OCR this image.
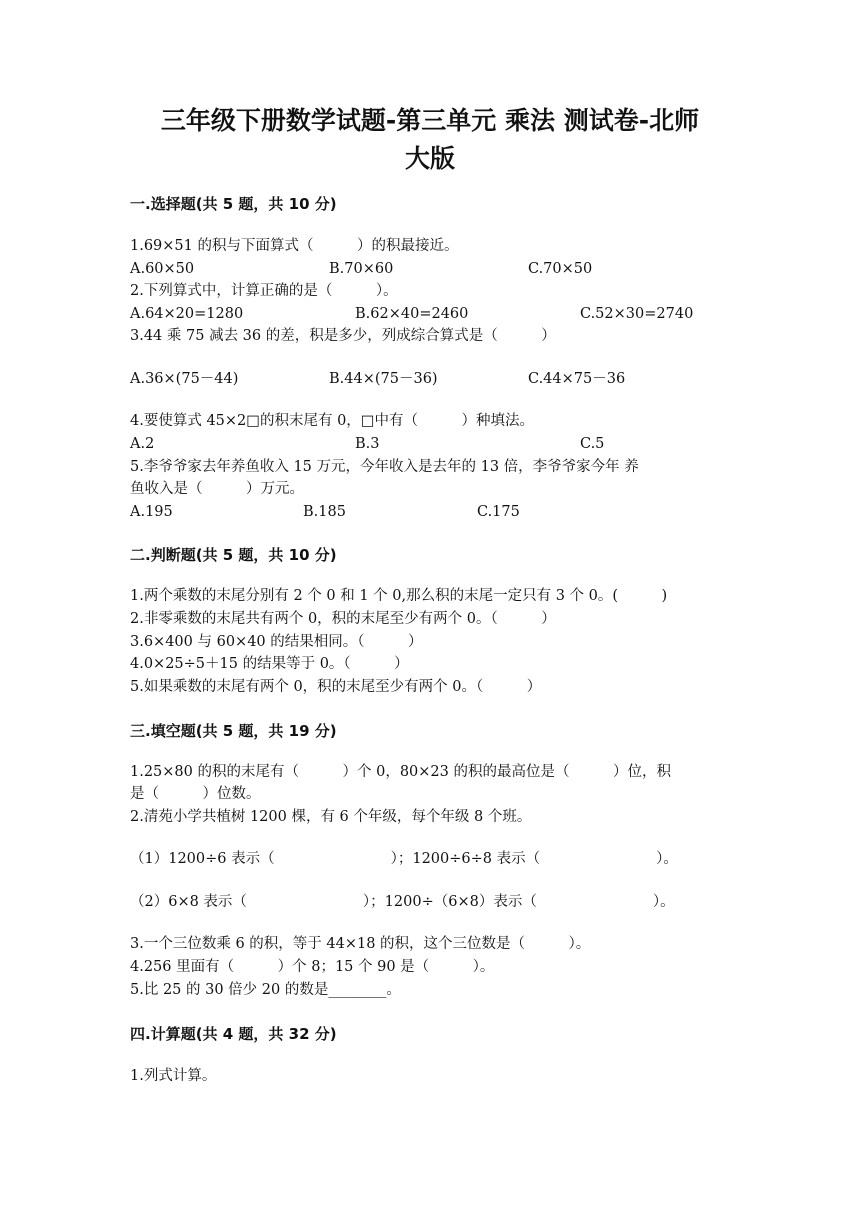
三年级下册数学试题-第三单元 乘法 测试卷-北师
大版
一.选择题(共 5 题，共 10 分)
1.69×51 的积与下面算式（　　　）的积最接近。
A.60×50	B.70×60	C.70×50
2.下列算式中，计算正确的是（　　　）。
A.64×20=1280	B.62×40=2460	C.52×30=2740
3.44 乘 75 减去 36 的差，积是多少，列成综合算式是（　　　）
A.36×(75－44)	B.44×(75－36)	C.44×75－36
4.要使算式 45×2□的积末尾有 0，□中有（　　　）种填法。
A.2	B.3	C.5
5.李爷爷家去年养鱼收入 15 万元，今年收入是去年的 13 倍，李爷爷家今年 养
鱼收入是（　　　）万元。
A.195	B.185	C.175
二.判断题(共 5 题，共 10 分)
1.两个乘数的末尾分别有 2 个 0 和 1 个 0,那么积的末尾一定只有 3 个 0。(　　　)
2.非零乘数的末尾共有两个 0，积的末尾至少有两个 0。（　　　）
3.6×400 与 60×40 的结果相同。（　　　）
4.0×25÷5＋15 的结果等于 0。（　　　）
5.如果乘数的末尾有两个 0，积的末尾至少有两个 0。（　　　）
三.填空题(共 5 题，共 19 分)
1.25×80 的积的末尾有（　　　）个 0，80×23 的积的最高位是（　　　）位，积
是（　　　）位数。
2.清苑小学共植树 1200 棵，有 6 个年级，每个年级 8 个班。
（1）1200÷6 表示（　　　　　　　　）；1200÷6÷8 表示（　　　　　　　　）。
（2）6×8 表示（　　　　　　　　）；1200÷（6×8）表示（　　　　　　　　）。
3.一个三位数乘 6 的积，等于 44×18 的积，这个三位数是（　　　）。
4.256 里面有（　　　）个 8；15 个 90 是（　　　）。
5.比 25 的 30 倍少 20 的数是________。
四.计算题(共 4 题，共 32 分)
1.列式计算。
